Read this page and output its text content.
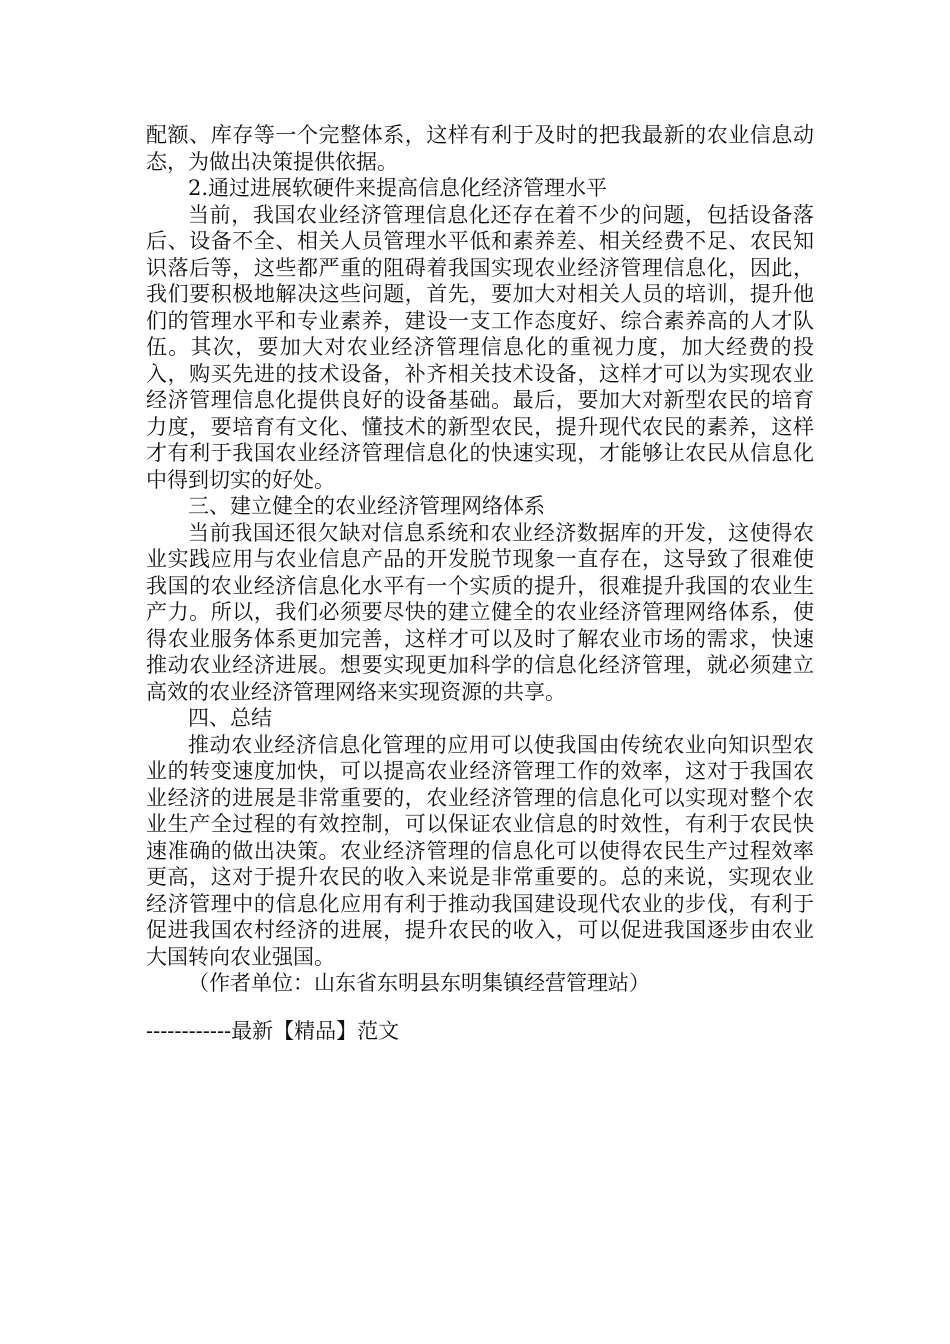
配额、库存等一个完整体系，这样有利于及时的把我最新的农业信息动态，为做出决策提供依据。

2.通过进展软硬件来提高信息化经济管理水平

当前，我国农业经济管理信息化还存在着不少的问题，包括设备落后、设备不全、相关人员管理水平低和素养差、相关经费不足、农民知识落后等，这些都严重的阻碍着我国实现农业经济管理信息化，因此，我们要积极地解决这些问题，首先，要加大对相关人员的培训，提升他们的管理水平和专业素养，建设一支工作态度好、综合素养高的人才队伍。其次，要加大对农业经济管理信息化的重视力度，加大经费的投入，购买先进的技术设备，补齐相关技术设备，这样才可以为实现农业经济管理信息化提供良好的设备基础。最后，要加大对新型农民的培育力度，要培育有文化、懂技术的新型农民，提升现代农民的素养，这样才有利于我国农业经济管理信息化的快速实现，才能够让农民从信息化中得到切实的好处。

三、建立健全的农业经济管理网络体系

当前我国还很欠缺对信息系统和农业经济数据库的开发，这使得农业实践应用与农业信息产品的开发脱节现象一直存在，这导致了很难使我国的农业经济信息化水平有一个实质的提升，很难提升我国的农业生产力。所以，我们必须要尽快的建立健全的农业经济管理网络体系，使得农业服务体系更加完善，这样才可以及时了解农业市场的需求，快速推动农业经济进展。想要实现更加科学的信息化经济管理，就必须建立高效的农业经济管理网络来实现资源的共享。

四、总结

推动农业经济信息化管理的应用可以使我国由传统农业向知识型农业的转变速度加快，可以提高农业经济管理工作的效率，这对于我国农业经济的进展是非常重要的，农业经济管理的信息化可以实现对整个农业生产全过程的有效控制，可以保证农业信息的时效性，有利于农民快速准确的做出决策。农业经济管理的信息化可以使得农民生产过程效率更高，这对于提升农民的收入来说是非常重要的。总的来说，实现农业经济管理中的信息化应用有利于推动我国建设现代农业的步伐，有利于促进我国农村经济的进展，提升农民的收入，可以促进我国逐步由农业大国转向农业强国。

（作者单位：山东省东明县东明集镇经营管理站）

------------最新【精品】范文
